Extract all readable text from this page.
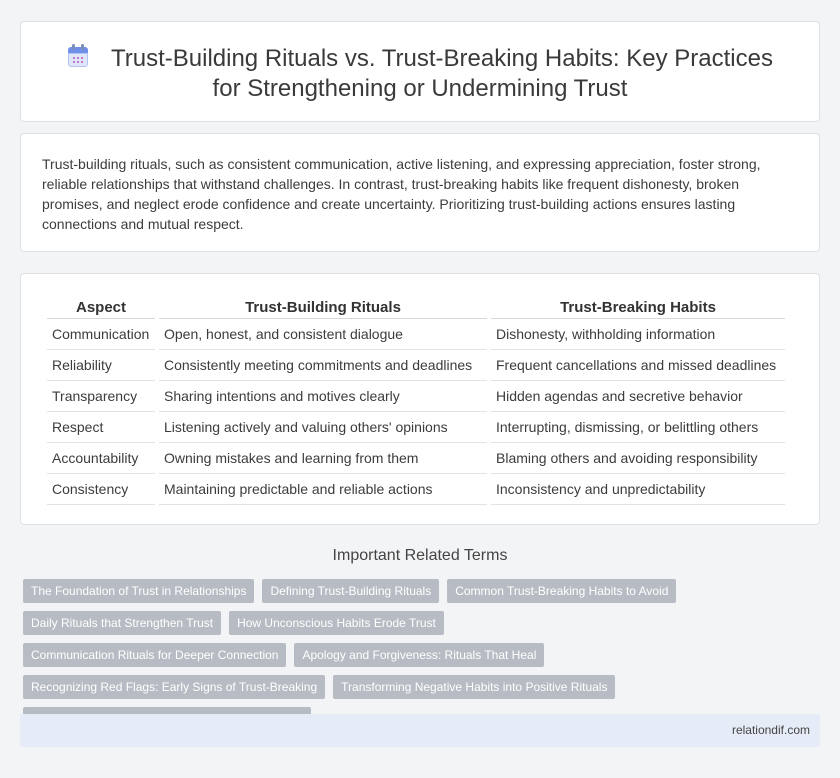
Trust-Building Rituals vs. Trust-Breaking Habits: Key Practices for Strengthening or Undermining Trust

Trust-building rituals, such as consistent communication, active listening, and expressing appreciation, foster strong, reliable relationships that withstand challenges. In contrast, trust-breaking habits like frequent dishonesty, broken promises, and neglect erode confidence and create uncertainty. Prioritizing trust-building actions ensures lasting connections and mutual respect.

Aspect	Trust-Building Rituals	Trust-Breaking Habits
Communication	Open, honest, and consistent dialogue	Dishonesty, withholding information
Reliability	Consistently meeting commitments and deadlines	Frequent cancellations and missed deadlines
Transparency	Sharing intentions and motives clearly	Hidden agendas and secretive behavior
Respect	Listening actively and valuing others' opinions	Interrupting, dismissing, or belittling others
Accountability	Owning mistakes and learning from them	Blaming others and avoiding responsibility
Consistency	Maintaining predictable and reliable actions	Inconsistency and unpredictability
Important Related Terms
The Foundation of Trust in Relationships	Defining Trust-Building Rituals	Common Trust-Breaking Habits to Avoid
Daily Rituals that Strengthen Trust	How Unconscious Habits Erode Trust
Communication Rituals for Deeper Connection	Apology and Forgiveness: Rituals That Heal
Recognizing Red Flags: Early Signs of Trust-Breaking	Transforming Negative Habits into Positive Rituals
relationdif.com
